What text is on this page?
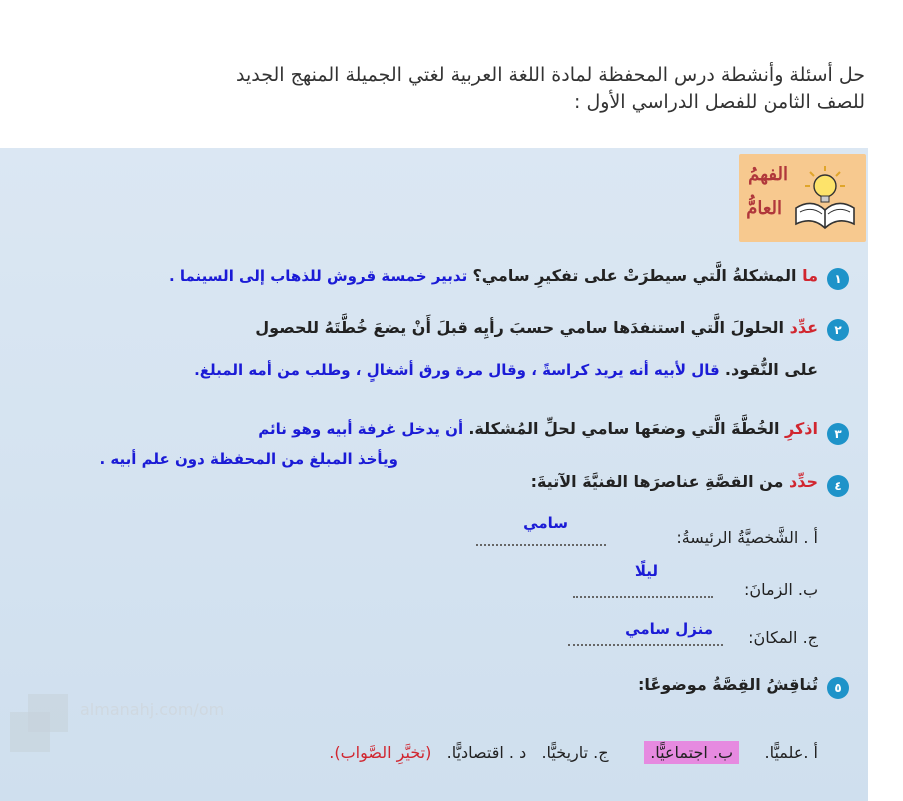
حل أسئلة وأنشطة درس المحفظة لمادة اللغة العربية لغتي الجميلة المنهج الجديد
للصف الثامن للفصل الدراسي الأول :
الفهمُ
العامُّ
١
ما المشكلةُ الَّتي سيطرَتْ على تفكيرِ سامي؟ تدبير خمسة قروش للذهاب إلى السينما .
٢
عدِّد الحلولَ الَّتي استنفدَها سامي حسبَ رأيِه قبلَ أَنْ يضعَ خُطَّتَهُ للحصول
على النُّقود. قال لأبيه أنه يريد كراسةً ، وقال مرة ورق أشغالٍ ، وطلب من أمه المبلغ.
٣
اذكرِ الخُطَّةَ الَّتي وضعَها سامي لحلِّ المُشكلة. أن يدخل غرفة أبيه وهو نائم
ويأخذ المبلغ من المحفظة دون علم أبيه .
٤
حدِّد من القصَّةِ عناصرَها الفنيَّةَ الآتيةَ:
أ . الشَّخصيَّةُ الرئيسةُ:
سامي
ب. الزمانَ:
ليلًا
ج. المكانَ:
منزل سامي
٥
تُناقِشُ القِصَّةُ موضوعًا:
أ .علميًّا.     ب. اجتماعيًّا.       ج. تاريخيًّا.   د . اقتصاديًّا.   (تخيَّرِ الصَّواب).
almanahj.com/om
